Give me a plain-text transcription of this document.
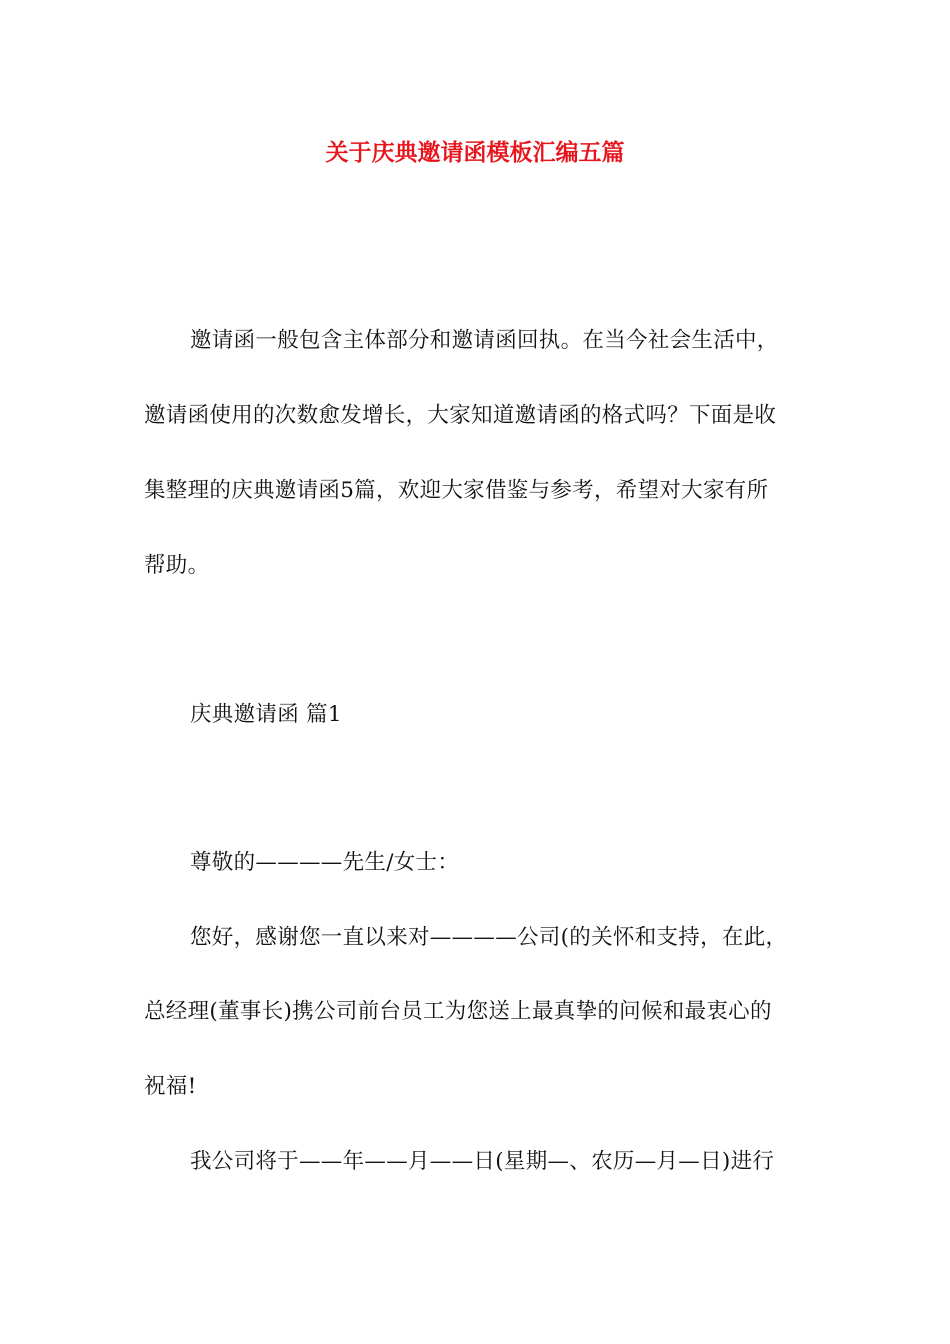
关于庆典邀请函模板汇编五篇
邀请函一般包含主体部分和邀请函回执。在当今社会生活中，
邀请函使用的次数愈发增长，大家知道邀请函的格式吗？下面是收
集整理的庆典邀请函5篇，欢迎大家借鉴与参考，希望对大家有所
帮助。
庆典邀请函 篇1
尊敬的————先生/女士：
您好，感谢您一直以来对————公司(的关怀和支持，在此，
总经理(董事长)携公司前台员工为您送上最真挚的问候和最衷心的
祝福!
我公司将于——年——月——日(星期—、农历—月—日)进行
